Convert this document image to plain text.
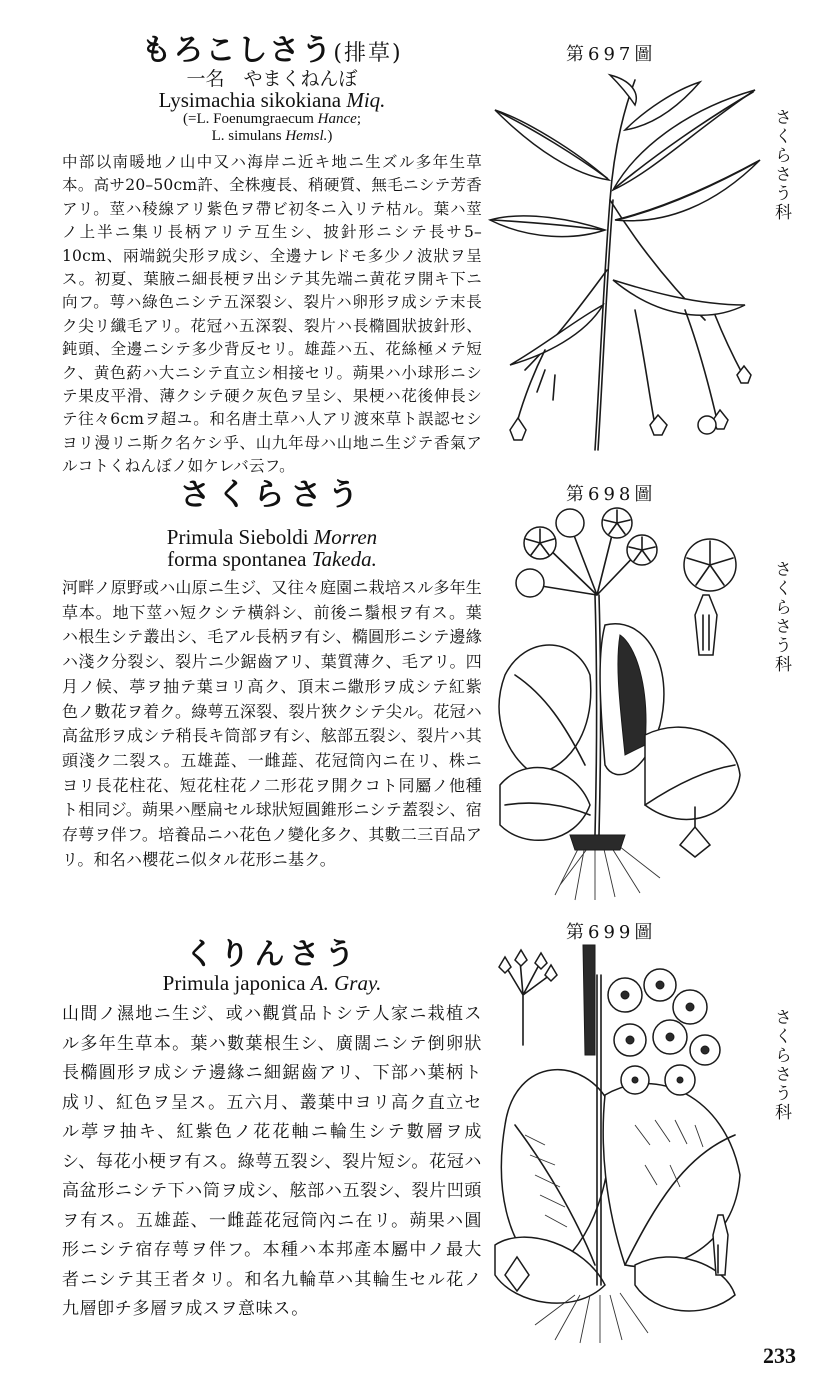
もろこしさう(排草)
一名　やまくねんぼ
Lysimachia sikokiana Miq.
(=L. Foenumgraecum Hance;
L. simulans Hemsl.)
中部以南暖地ノ山中又ハ海岸ニ近キ地ニ生ズル多年生草本。高サ20–50cm許、全株痩長、稍硬質、無毛ニシテ芳香アリ。莖ハ稜線アリ紫色ヲ帶ビ初冬ニ入リテ枯ル。葉ハ莖ノ上半ニ集リ長柄アリテ互生シ、披針形ニシテ長サ5–10cm、兩端鋭尖形ヲ成シ、全邊ナレドモ多少ノ波狀ヲ呈ス。初夏、葉腋ニ細長梗ヲ出シテ其先端ニ黄花ヲ開キ下ニ向フ。萼ハ綠色ニシテ五深裂シ、裂片ハ卵形ヲ成シテ末長ク尖リ纖毛アリ。花冠ハ五深裂、裂片ハ長橢圓狀披針形、鈍頭、全邊ニシテ多少背反セリ。雄蕋ハ五、花絲極メテ短ク、黄色葯ハ大ニシテ直立シ相接セリ。蒴果ハ小球形ニシテ果皮平滑、薄クシテ硬ク灰色ヲ呈シ、果梗ハ花後伸長シテ往々6cmヲ超ユ。和名唐土草ハ人アリ渡來草ト誤認セシヨリ漫リニ斯ク名ケシ乎、山九年母ハ山地ニ生ジテ香氣アルコトくねんぼノ如ケレバ云フ。
さくらさう
Primula Sieboldi Morren
forma spontanea Takeda.
河畔ノ原野或ハ山原ニ生ジ、又往々庭園ニ栽培スル多年生草本。地下莖ハ短クシテ橫斜シ、前後ニ鬚根ヲ有ス。葉ハ根生シテ叢出シ、毛アル長柄ヲ有シ、橢圓形ニシテ邊緣ハ淺ク分裂シ、裂片ニ少鋸齒アリ、葉質薄ク、毛アリ。四月ノ候、葶ヲ抽テ葉ヨリ高ク、頂末ニ繖形ヲ成シテ紅紫色ノ數花ヲ着ク。綠萼五深裂、裂片狹クシテ尖ル。花冠ハ高盆形ヲ成シテ稍長キ筒部ヲ有シ、舷部五裂シ、裂片ハ其頭淺ク二裂ス。五雄蕋、一雌蕋、花冠筒內ニ在リ、株ニヨリ長花柱花、短花柱花ノ二形花ヲ開クコト同屬ノ他種ト相同ジ。蒴果ハ壓扁セル球狀短圓錐形ニシテ蓋裂シ、宿存萼ヲ伴フ。培養品ニハ花色ノ變化多ク、其數二三百品アリ。和名ハ櫻花ニ似タル花形ニ基ク。
くりんさう
Primula japonica A. Gray.
山間ノ濕地ニ生ジ、或ハ觀賞品トシテ人家ニ栽植スル多年生草本。葉ハ數葉根生シ、廣闊ニシテ倒卵狀長橢圓形ヲ成シテ邊緣ニ細鋸齒アリ、下部ハ葉柄ト成リ、紅色ヲ呈ス。五六月、叢葉中ヨリ高ク直立セル葶ヲ抽キ、紅紫色ノ花花軸ニ輪生シテ數層ヲ成シ、每花小梗ヲ有ス。綠萼五裂シ、裂片短シ。花冠ハ高盆形ニシテ下ハ筒ヲ成シ、舷部ハ五裂シ、裂片凹頭ヲ有ス。五雄蕋、一雌蕋花冠筒內ニ在リ。蒴果ハ圓形ニシテ宿存萼ヲ伴フ。本種ハ本邦產本屬中ノ最大者ニシテ其王者タリ。和名九輪草ハ其輪生セル花ノ九層卽チ多層ヲ成スヲ意味ス。
第697圖
第698圖
第699圖
さくらさう科
さくらさう科
さくらさう科
233
